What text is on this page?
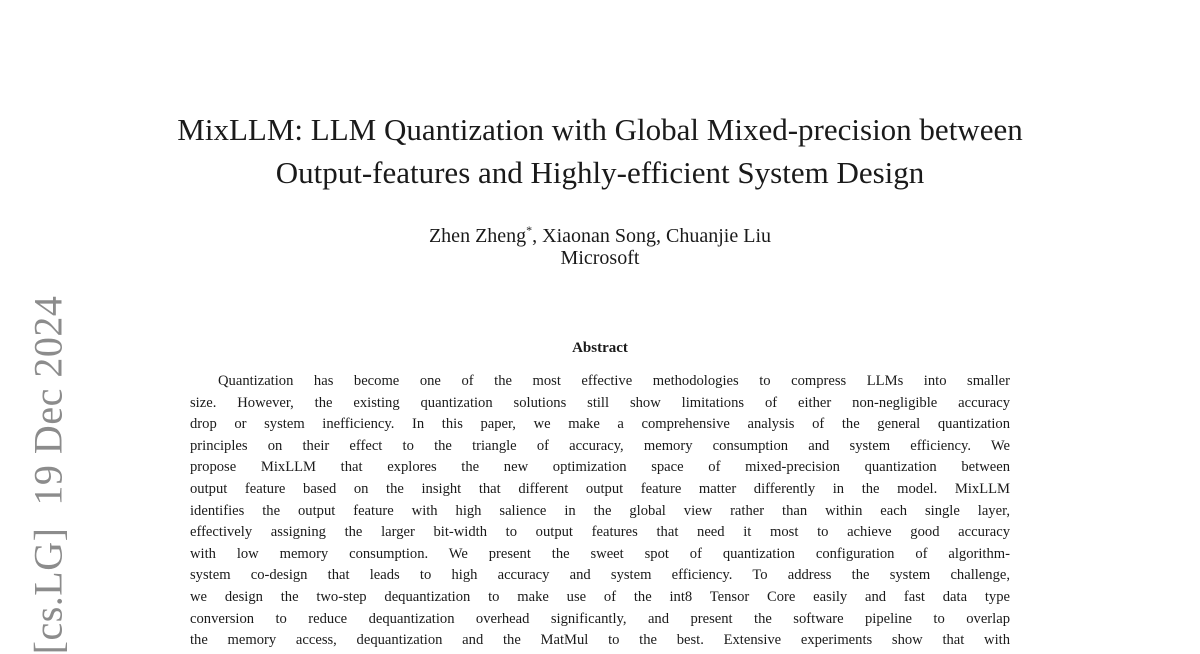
[cs.LG]19 Dec 2024
MixLLM: LLM Quantization with Global Mixed-precision between
Output-features and Highly-efficient System Design
Zhen Zheng*, Xiaonan Song, Chuanjie Liu
Microsoft
Abstract
Quantization has become one of the most effective methodologies to compress LLMs into smaller
size. However, the existing quantization solutions still show limitations of either non-negligible accuracy
drop or system inefficiency. In this paper, we make a comprehensive analysis of the general quantization
principles on their effect to the triangle of accuracy, memory consumption and system efficiency. We
propose MixLLM that explores the new optimization space of mixed-precision quantization between
output feature based on the insight that different output feature matter differently in the model. MixLLM
identifies the output feature with high salience in the global view rather than within each single layer,
effectively assigning the larger bit-width to output features that need it most to achieve good accuracy
with low memory consumption. We present the sweet spot of quantization configuration of algorithm-
system co-design that leads to high accuracy and system efficiency. To address the system challenge,
we design the two-step dequantization to make use of the int8 Tensor Core easily and fast data type
conversion to reduce dequantization overhead significantly, and present the software pipeline to overlap
the memory access, dequantization and the MatMul to the best. Extensive experiments show that with
